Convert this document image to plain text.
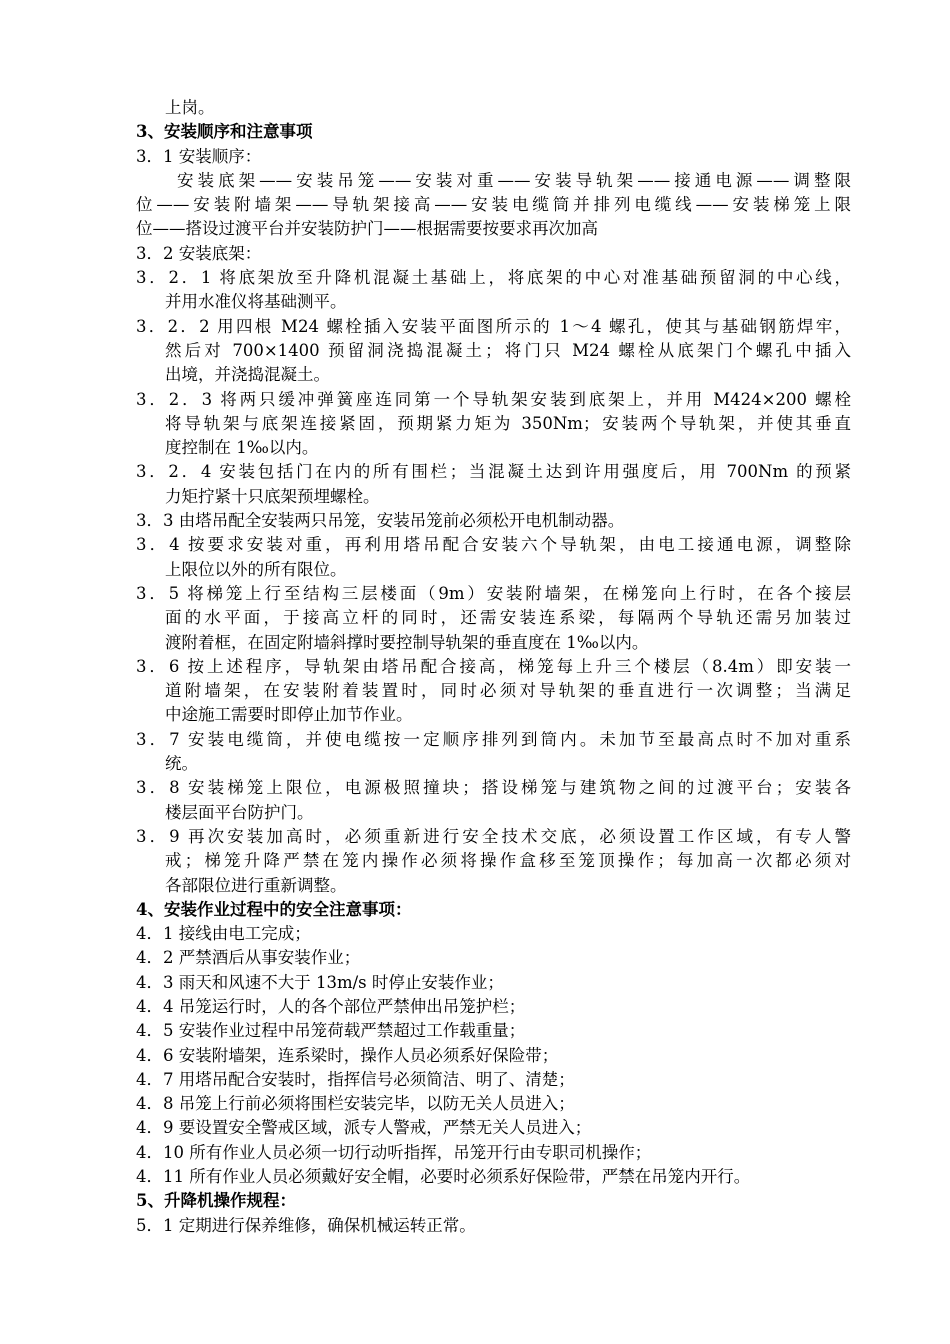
上岗。
3、安装顺序和注意事项
3．1 安装顺序：
安装底架——安装吊笼——安装对重——安装导轨架——接通电源——调整限
位——安装附墙架——导轨架接高——安装电缆筒并排列电缆线——安装梯笼上限
位——搭设过渡平台并安装防护门——根据需要按要求再次加高
3．2 安装底架：
3．2．1 将底架放至升降机混凝土基础上，将底架的中心对准基础预留洞的中心线，
并用水准仪将基础测平。
3．2．2 用四根 M24 螺栓插入安装平面图所示的 1～4 螺孔，使其与基础钢筋焊牢，
然后对 700×1400 预留洞浇捣混凝土；将门只 M24 螺栓从底架门个螺孔中插入
出境，并浇捣混凝土。
3．2．3 将两只缓冲弹簧座连同第一个导轨架安装到底架上，并用 M424×200 螺栓
将导轨架与底架连接紧固，预期紧力矩为 350Nm；安装两个导轨架，并使其垂直
度控制在 1‰以内。
3．2．4 安装包括门在内的所有围栏；当混凝土达到许用强度后，用 700Nm 的预紧
力矩拧紧十只底架预埋螺栓。
3．3 由塔吊配全安装两只吊笼，安装吊笼前必须松开电机制动器。
3．4 按要求安装对重，再利用塔吊配合安装六个导轨架，由电工接通电源，调整除
上限位以外的所有限位。
3．5 将梯笼上行至结构三层楼面（9m）安装附墙架，在梯笼向上行时，在各个接层
面的水平面，于接高立杆的同时，还需安装连系梁，每隔两个导轨还需另加装过
渡附着框，在固定附墙斜撑时要控制导轨架的垂直度在 1‰以内。
3．6 按上述程序，导轨架由塔吊配合接高，梯笼每上升三个楼层（8.4m）即安装一
道附墙架，在安装附着装置时，同时必须对导轨架的垂直进行一次调整；当满足
中途施工需要时即停止加节作业。
3．7 安装电缆筒，并使电缆按一定顺序排列到筒内。未加节至最高点时不加对重系
统。
3．8 安装梯笼上限位，电源极照撞块；搭设梯笼与建筑物之间的过渡平台；安装各
楼层面平台防护门。
3．9 再次安装加高时，必须重新进行安全技术交底，必须设置工作区域，有专人警
戒；梯笼升降严禁在笼内操作必须将操作盒移至笼顶操作；每加高一次都必须对
各部限位进行重新调整。
4、安装作业过程中的安全注意事项：
4．1 接线由电工完成；
4．2 严禁酒后从事安装作业；
4．3 雨天和风速不大于 13m/s 时停止安装作业；
4．4 吊笼运行时，人的各个部位严禁伸出吊笼护栏；
4．5 安装作业过程中吊笼荷载严禁超过工作载重量；
4．6 安装附墙架，连系梁时，操作人员必须系好保险带；
4．7 用塔吊配合安装时，指挥信号必须简洁、明了、清楚；
4．8 吊笼上行前必须将围栏安装完毕，以防无关人员进入；
4．9 要设置安全警戒区域，派专人警戒，严禁无关人员进入；
4．10 所有作业人员必须一切行动听指挥，吊笼开行由专职司机操作；
4．11 所有作业人员必须戴好安全帽，必要时必须系好保险带，严禁在吊笼内开行。
5、升降机操作规程：
5．1 定期进行保养维修，确保机械运转正常。
